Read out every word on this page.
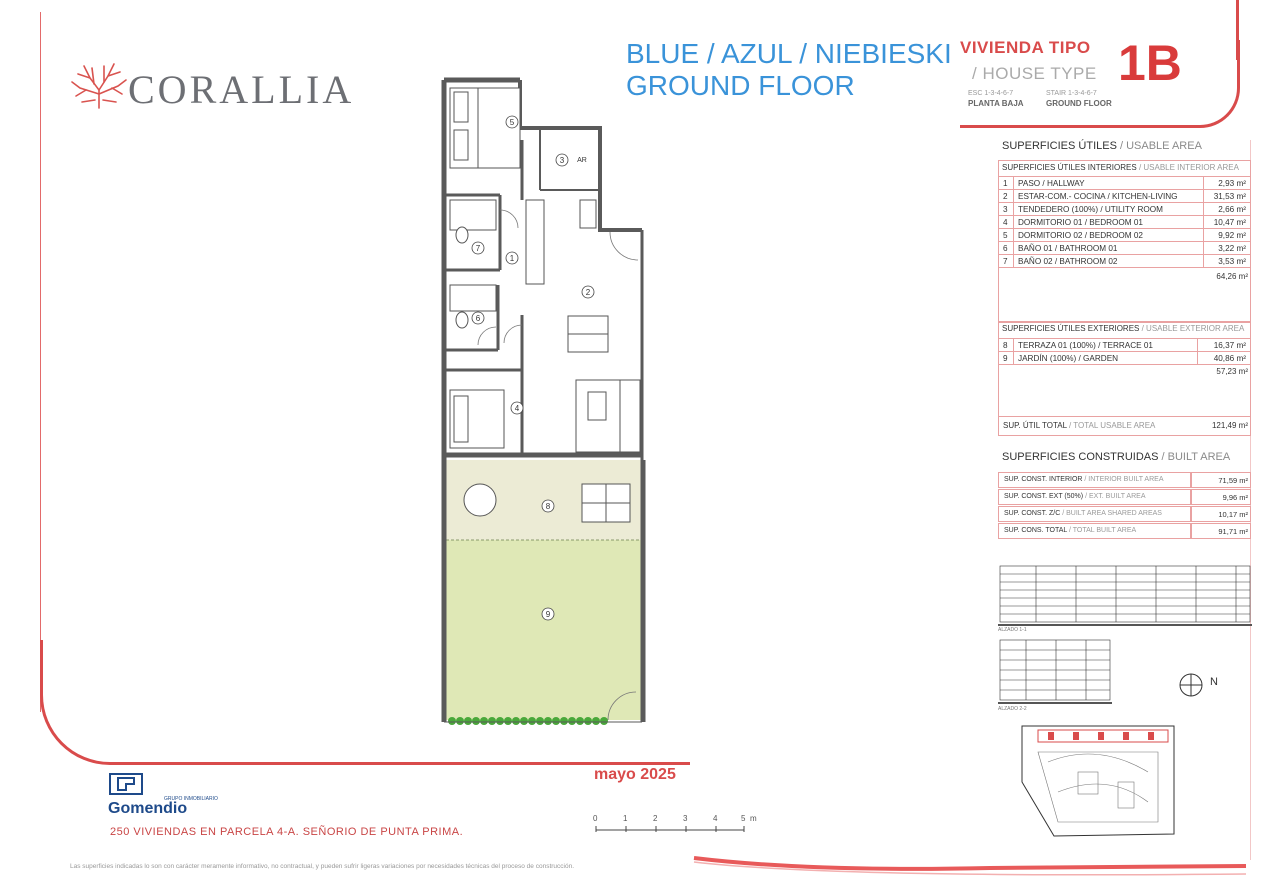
CORALLIA
BLUE / AZUL / NIEBIESKI
GROUND FLOOR
VIVIENDA TIPO
/ HOUSE TYPE 1B
ESC 1-3-4-6-7	STAIR 1-3-4-6-7
PLANTA BAJA	GROUND FLOOR
5
3
1
2
4
6
7
8
9
AR
SUPERFICIES ÚTILES / USABLE AREA
SUPERFICIES ÚTILES INTERIORES / USABLE INTERIOR AREA
1	PASO / HALLWAY	2,93 m²
2	ESTAR-COM.- COCINA / KITCHEN-LIVING	31,53 m²
3	TENDEDERO (100%) / UTILITY ROOM	2,66 m²
4	DORMITORIO 01 / BEDROOM 01	10,47 m²
5	DORMITORIO 02 / BEDROOM 02	9,92 m²
6	BAÑO 01 / BATHROOM 01	3,22 m²
7	BAÑO 02 / BATHROOM 02	3,53 m²
64,26 m²
SUPERFICIES ÚTILES EXTERIORES / USABLE EXTERIOR AREA
8	TERRAZA 01 (100%) / TERRACE 01	16,37 m²
9	JARDÍN (100%) / GARDEN	40,86 m²
57,23 m²
SUP. ÚTIL TOTAL / TOTAL USABLE AREA	121,49 m²
SUPERFICIES CONSTRUIDAS / BUILT AREA
SUP. CONST. INTERIOR / INTERIOR BUILT AREA	71,59 m²
SUP. CONST. EXT (50%) / EXT. BUILT AREA	9,96 m²
SUP. CONST. Z/C / BUILT AREA SHARED AREAS	10,17 m²
SUP. CONS. TOTAL / TOTAL BUILT AREA	91,71 m²
ALZADO 1-1
ALZADO 2-2
N
mayo 2025
GRUPO INMOBILIARIO
Gomendio
250 VIVIENDAS EN PARCELA 4-A. SEÑORIO DE PUNTA PRIMA.
0	1	2	3	4	5 m
Las superficies indicadas lo son con carácter meramente informativo, no contractual, y pueden sufrir ligeras variaciones por necesidades técnicas del proceso de construcción.
